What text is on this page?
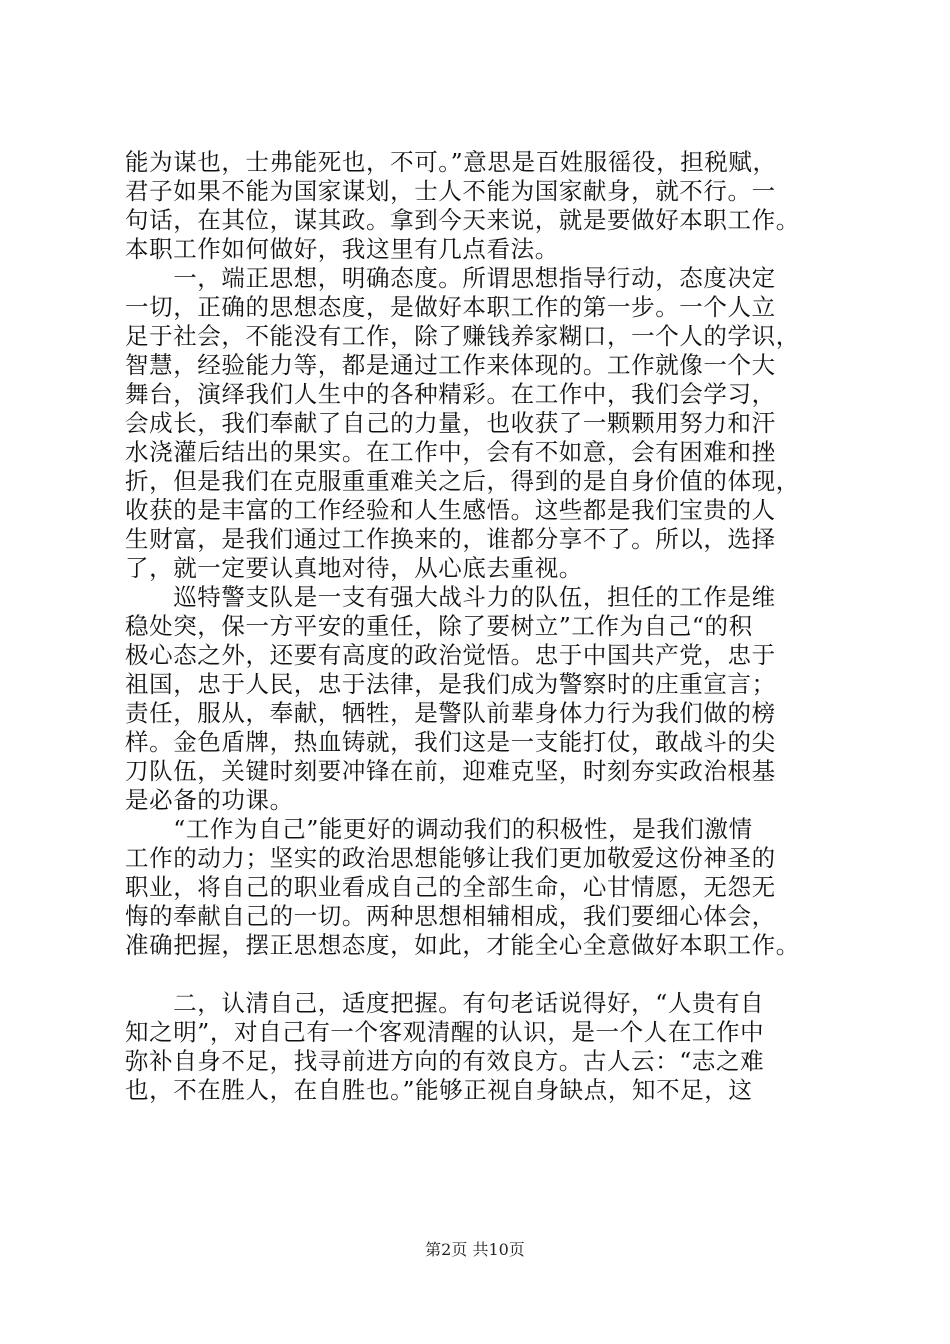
能为谋也，士弗能死也，不可。”意思是百姓服徭役，担税赋，
君子如果不能为国家谋划，士人不能为国家献身，就不行。一
句话，在其位，谋其政。拿到今天来说，就是要做好本职工作。
本职工作如何做好，我这里有几点看法。
　　一，端正思想，明确态度。所谓思想指导行动，态度决定
一切，正确的思想态度，是做好本职工作的第一步。一个人立
足于社会，不能没有工作，除了赚钱养家糊口，一个人的学识，
智慧，经验能力等，都是通过工作来体现的。工作就像一个大
舞台，演绎我们人生中的各种精彩。在工作中，我们会学习，
会成长，我们奉献了自己的力量，也收获了一颗颗用努力和汗
水浇灌后结出的果实。在工作中，会有不如意，会有困难和挫
折，但是我们在克服重重难关之后，得到的是自身价值的体现，
收获的是丰富的工作经验和人生感悟。这些都是我们宝贵的人
生财富，是我们通过工作换来的，谁都分享不了。所以，选择
了，就一定要认真地对待，从心底去重视。
　　巡特警支队是一支有强大战斗力的队伍，担任的工作是维
稳处突，保一方平安的重任，除了要树立”工作为自己“的积
极心态之外，还要有高度的政治觉悟。忠于中国共产党，忠于
祖国，忠于人民，忠于法律，是我们成为警察时的庄重宣言；
责任，服从，奉献，牺牲，是警队前辈身体力行为我们做的榜
样。金色盾牌，热血铸就，我们这是一支能打仗，敢战斗的尖
刀队伍，关键时刻要冲锋在前，迎难克坚，时刻夯实政治根基
是必备的功课。
　　“工作为自己”能更好的调动我们的积极性，是我们激情
工作的动力；坚实的政治思想能够让我们更加敬爱这份神圣的
职业，将自己的职业看成自己的全部生命，心甘情愿，无怨无
悔的奉献自己的一切。两种思想相辅相成，我们要细心体会，
准确把握，摆正思想态度，如此，才能全心全意做好本职工作。
　　二，认清自己，适度把握。有句老话说得好，“人贵有自
知之明”，对自己有一个客观清醒的认识，是一个人在工作中
弥补自身不足，找寻前进方向的有效良方。古人云：“志之难
也，不在胜人，在自胜也。”能够正视自身缺点，知不足，这
第2页 共10页
